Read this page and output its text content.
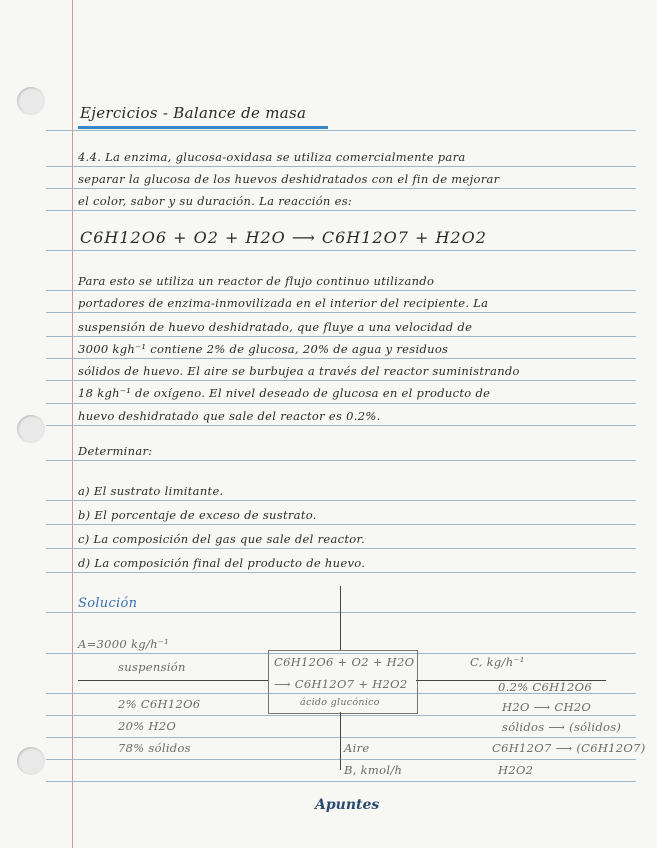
Ejercicios - Balance de masa
4.4. La enzima, glucosa-oxidasa se utiliza comercialmente para
separar la glucosa de los huevos deshidratados con el fin de mejorar
el color, sabor y su duración. La reacción es:
C6H12O6 + O2 + H2O ⟶ C6H12O7 + H2O2
Para esto se utiliza un reactor de flujo continuo utilizando
portadores de enzima-inmovilizada en el interior del recipiente. La
suspensión de huevo deshidratado, que fluye a una velocidad de
3000 kgh⁻¹ contiene 2% de glucosa, 20% de agua y residuos
sólidos de huevo. El aire se burbujea a través del reactor suministrando
18 kgh⁻¹ de oxígeno. El nivel deseado de glucosa en el producto de
huevo deshidratado que sale del reactor es 0.2%.
Determinar:
a) El sustrato limitante.
b) El porcentaje de exceso de sustrato.
c) La composición del gas que sale del reactor.
d) La composición final del producto de huevo.
Solución
A=3000 kg/h⁻¹
suspensión
2% C6H12O6
20% H2O
78% sólidos
C6H12O6 + O2 + H2O
⟶ C6H12O7 + H2O2
ácido glucónico
Aire
B, kmol/h
C, kg/h⁻¹
0.2% C6H12O6
H2O ⟶ CH2O
sólidos ⟶ (sólidos)
C6H12O7 ⟶ (C6H12O7)
H2O2
Apuntes
